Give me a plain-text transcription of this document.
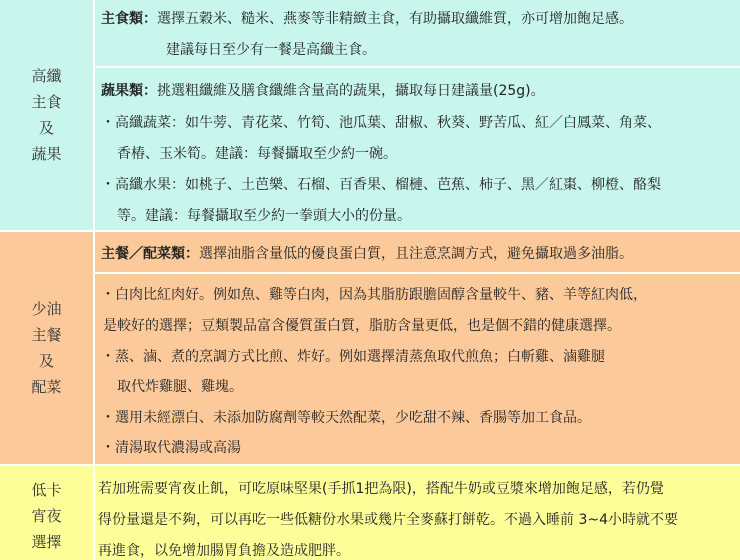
高纖
主食
及
蔬果
主食類：選擇五穀米、糙米、燕麥等非精緻主食，有助攝取纖維質，亦可增加飽足感。
建議每日至少有一餐是高纖主食。
蔬果類：挑選粗纖維及膳食纖維含量高的蔬果，攝取每日建議量(25g)。
・高纖蔬菜：如牛蒡、青花菜、竹筍、池瓜葉、甜椒、秋葵、野苦瓜、紅／白鳳菜、角菜、
香椿、玉米筍。建議：每餐攝取至少約一碗。
・高纖水果：如桃子、土芭樂、石榴、百香果、榴槤、芭蕉、柿子、黑／紅棗、柳橙、酪梨
等。建議：每餐攝取至少約一拳頭大小的份量。
少油
主餐
及
配菜
主餐／配菜類：選擇油脂含量低的優良蛋白質，且注意烹調方式，避免攝取過多油脂。
・白肉比紅肉好。例如魚、雞等白肉，因為其脂肪跟膽固醇含量較牛、豬、羊等紅肉低，
是較好的選擇；豆類製品富含優質蛋白質，脂肪含量更低，也是個不錯的健康選擇。
・蒸、滷、煮的烹調方式比煎、炸好。例如選擇清蒸魚取代煎魚；白斬雞、滷雞腿
取代炸雞腿、雞塊。
・選用未經漂白、未添加防腐劑等較天然配菜，少吃甜不辣、香腸等加工食品。
・清湯取代濃湯或高湯
低卡
宵夜
選擇
若加班需要宵夜止飢，可吃原味堅果(手抓1把為限)，搭配牛奶或豆漿來增加飽足感，若仍覺
得份量還是不夠，可以再吃一些低糖份水果或幾片全麥蘇打餅乾。不過入睡前 3~4小時就不要
再進食，以免增加腸胃負擔及造成肥胖。
